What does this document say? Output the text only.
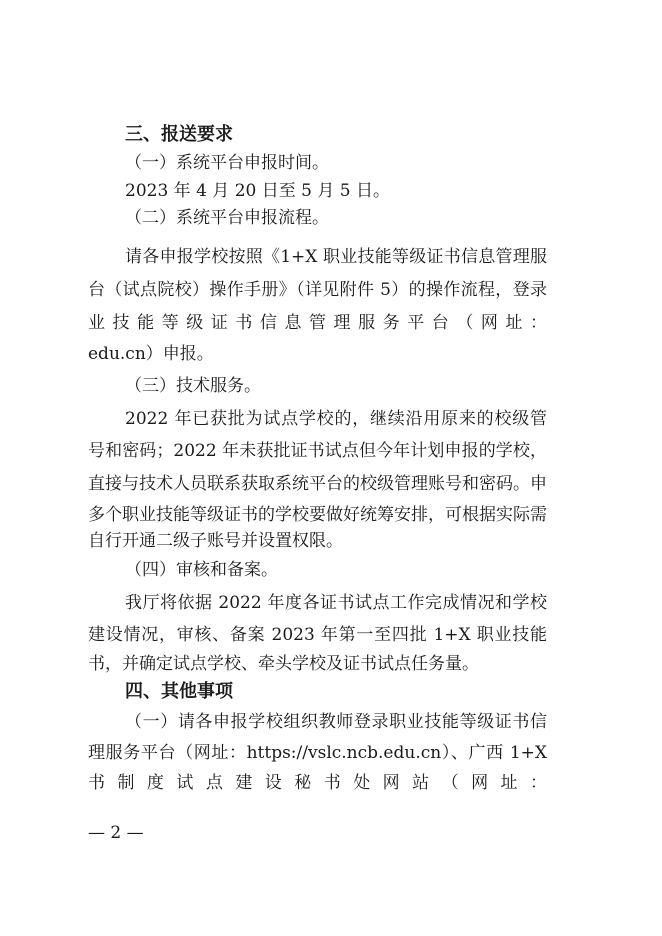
三、报送要求
（一）系统平台申报时间。
2023 年 4 月 20 日至 5 月 5 日。
（二）系统平台申报流程。
请各申报学校按照《1+X 职业技能等级证书信息管理服
台（试点院校）操作手册》（详见附件 5）的操作流程，登录
业技能等级证书信息管理服务平台（网址：
edu.cn）申报。
（三）技术服务。
2022 年已获批为试点学校的，继续沿用原来的校级管
号和密码；2022 年未获批证书试点但今年计划申报的学校，
直接与技术人员联系获取系统平台的校级管理账号和密码。申
多个职业技能等级证书的学校要做好统筹安排，可根据实际需
自行开通二级子账号并设置权限。
（四）审核和备案。
我厅将依据 2022 年度各证书试点工作完成情况和学校
建设情况，审核、备案 2023 年第一至四批 1+X 职业技能
书，并确定试点学校、牵头学校及证书试点任务量。
四、其他事项
（一）请各申报学校组织教师登录职业技能等级证书信
理服务平台（网址：https://vslc.ncb.edu.cn）、广西 1+X
书制度试点建设秘书处网站（网址：
— 2 —
